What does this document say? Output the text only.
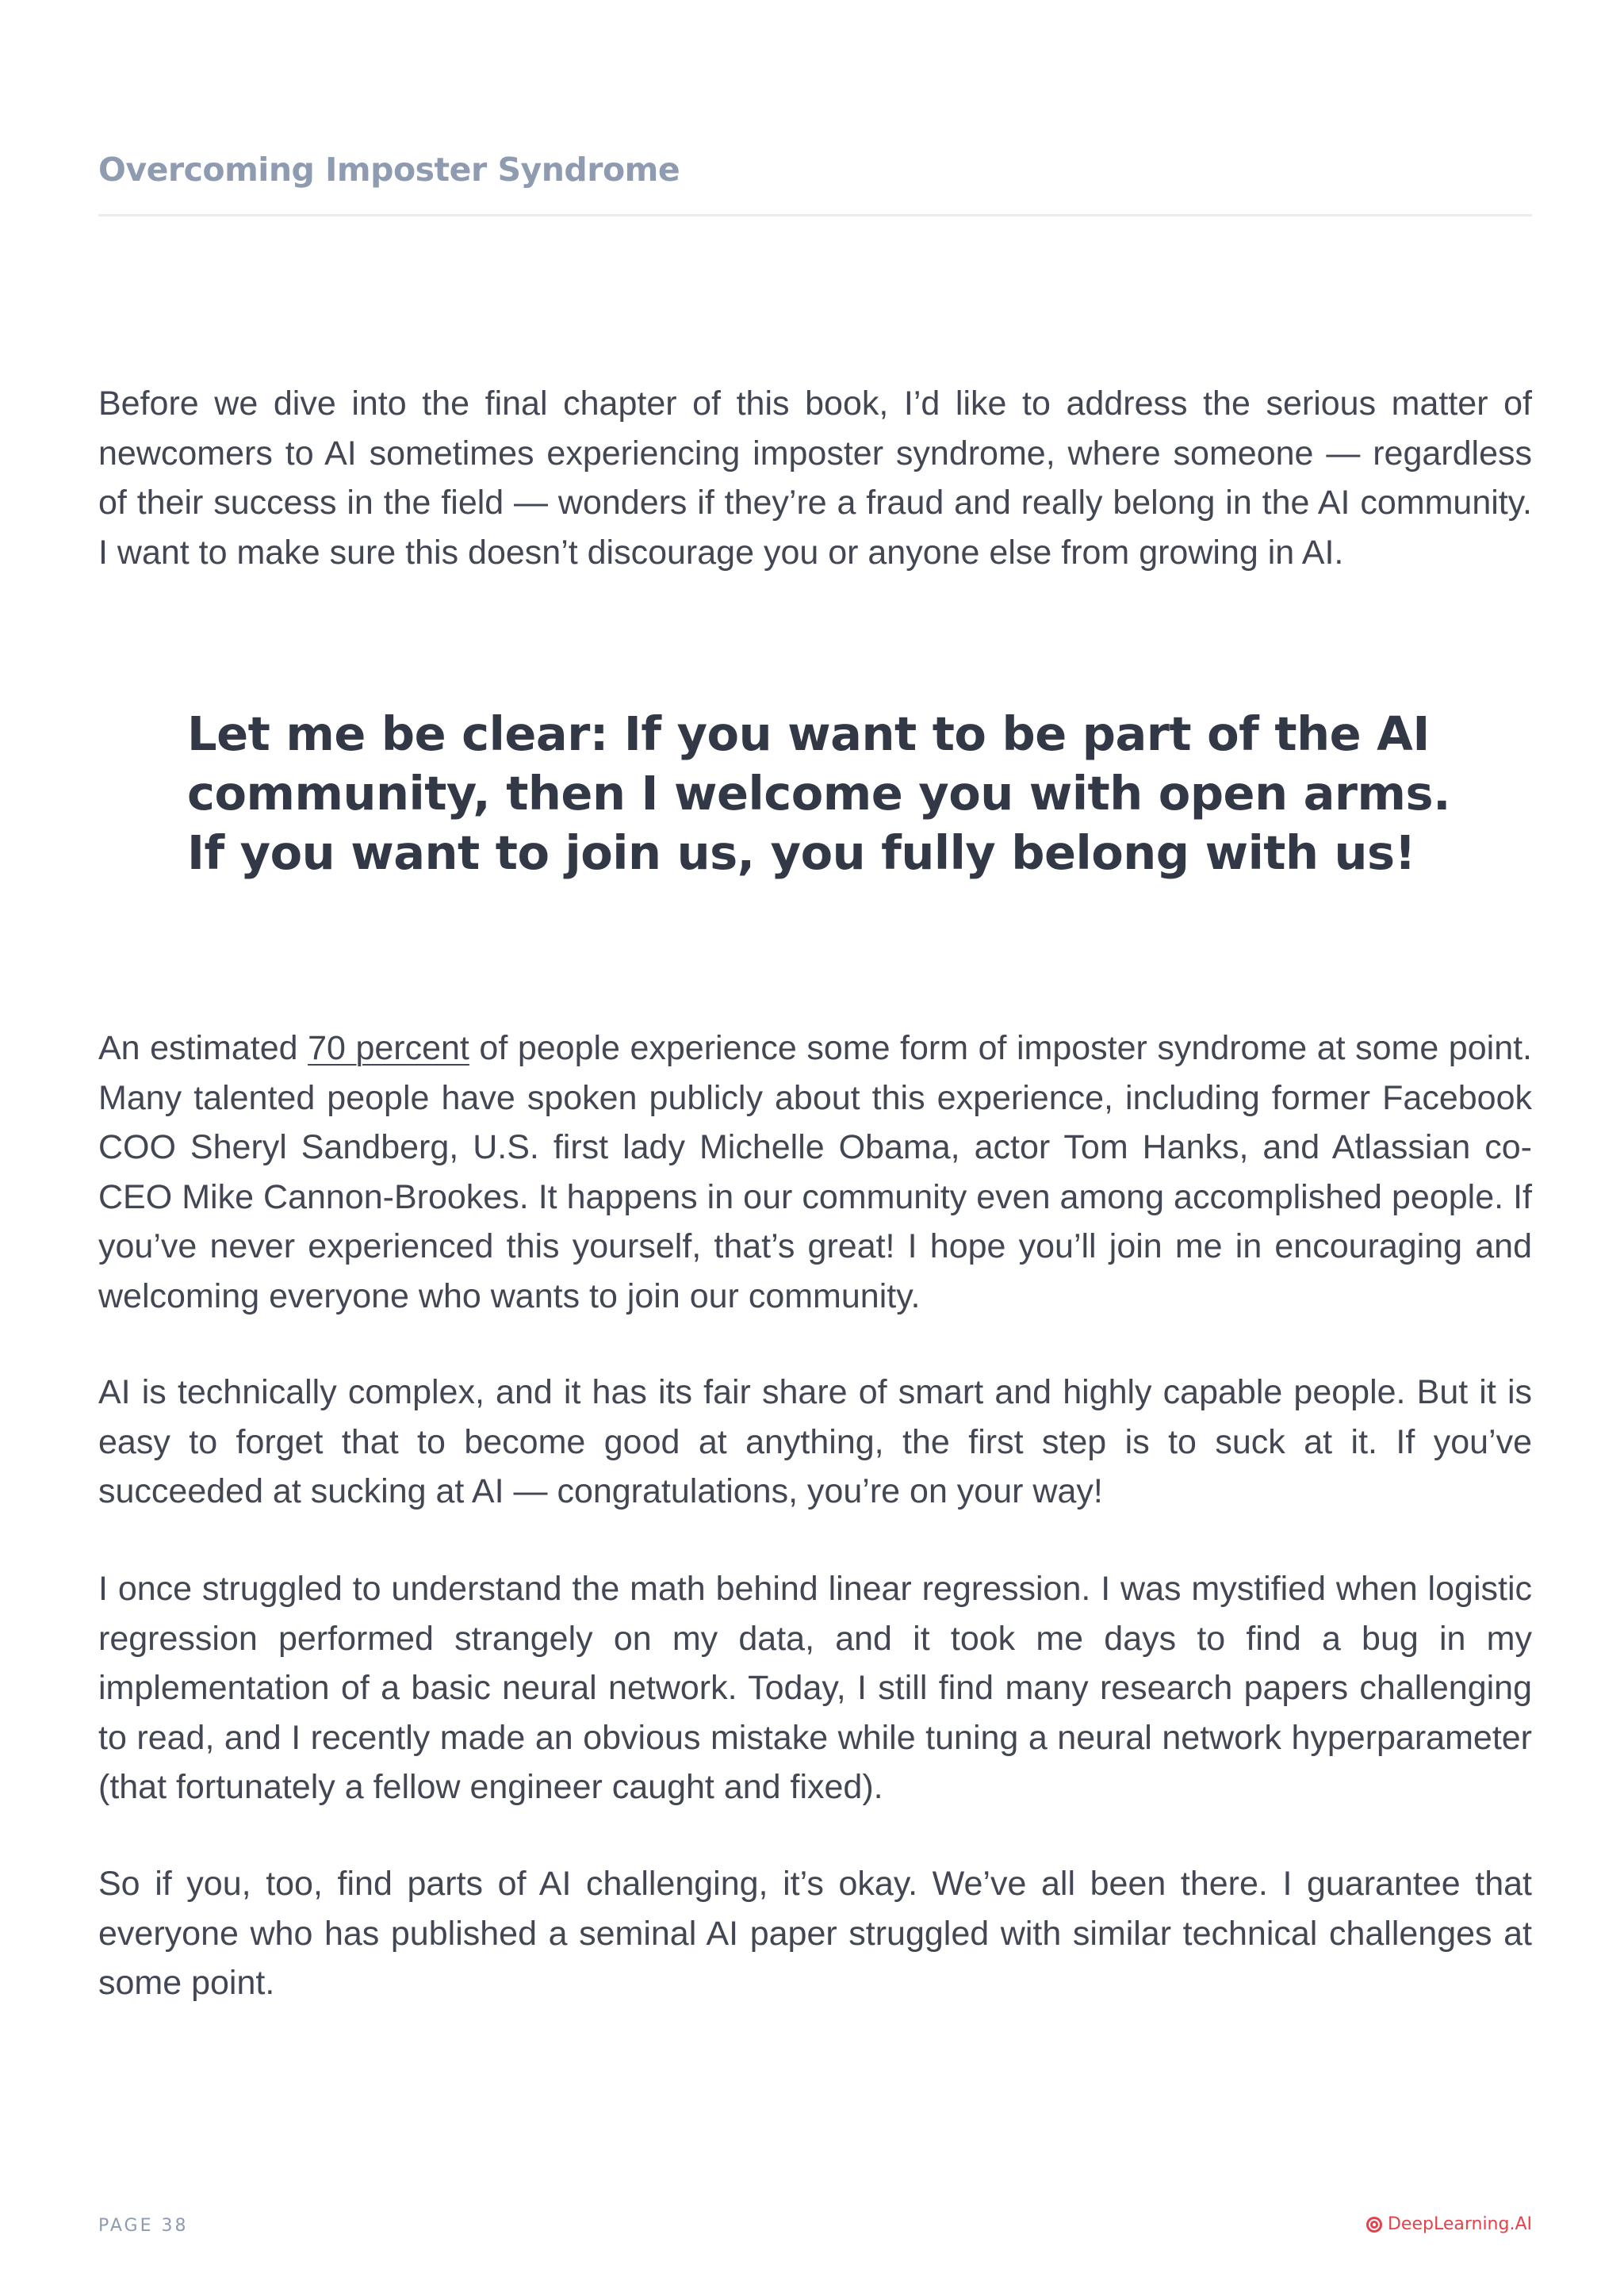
Overcoming Imposter Syndrome

Before we dive into the final chapter of this book, I’d like to address the serious matter of newcomers to AI sometimes experiencing imposter syndrome, where someone — regardless of their success in the field — wonders if they’re a fraud and really belong in the AI community. I want to make sure this doesn’t discourage you or anyone else from growing in AI.

Let me be clear: If you want to be part of the AI
community, then I welcome you with open arms.
If you want to join us, you fully belong with us!

An estimated 70 percent of people experience some form of imposter syndrome at some point. Many talented people have spoken publicly about this experience, including former Facebook COO Sheryl Sandberg, U.S. first lady Michelle Obama, actor Tom Hanks, and Atlassian co-CEO Mike Cannon-Brookes. It happens in our community even among accomplished people. If you’ve never experienced this yourself, that’s great! I hope you’ll join me in encouraging and welcoming everyone who wants to join our community.

AI is technically complex, and it has its fair share of smart and highly capable people. But it is easy to forget that to become good at anything, the first step is to suck at it. If you’ve succeeded at sucking at AI — congratulations, you’re on your way!

I once struggled to understand the math behind linear regression. I was mystified when logistic regression performed strangely on my data, and it took me days to find a bug in my implementation of a basic neural network. Today, I still find many research papers challenging to read, and I recently made an obvious mistake while tuning a neural network hyperparameter (that fortunately a fellow engineer caught and fixed).

So if you, too, find parts of AI challenging, it’s okay. We’ve all been there. I guarantee that everyone who has published a seminal AI paper struggled with similar technical challenges at some point.

PAGE 38	DeepLearning.AI
